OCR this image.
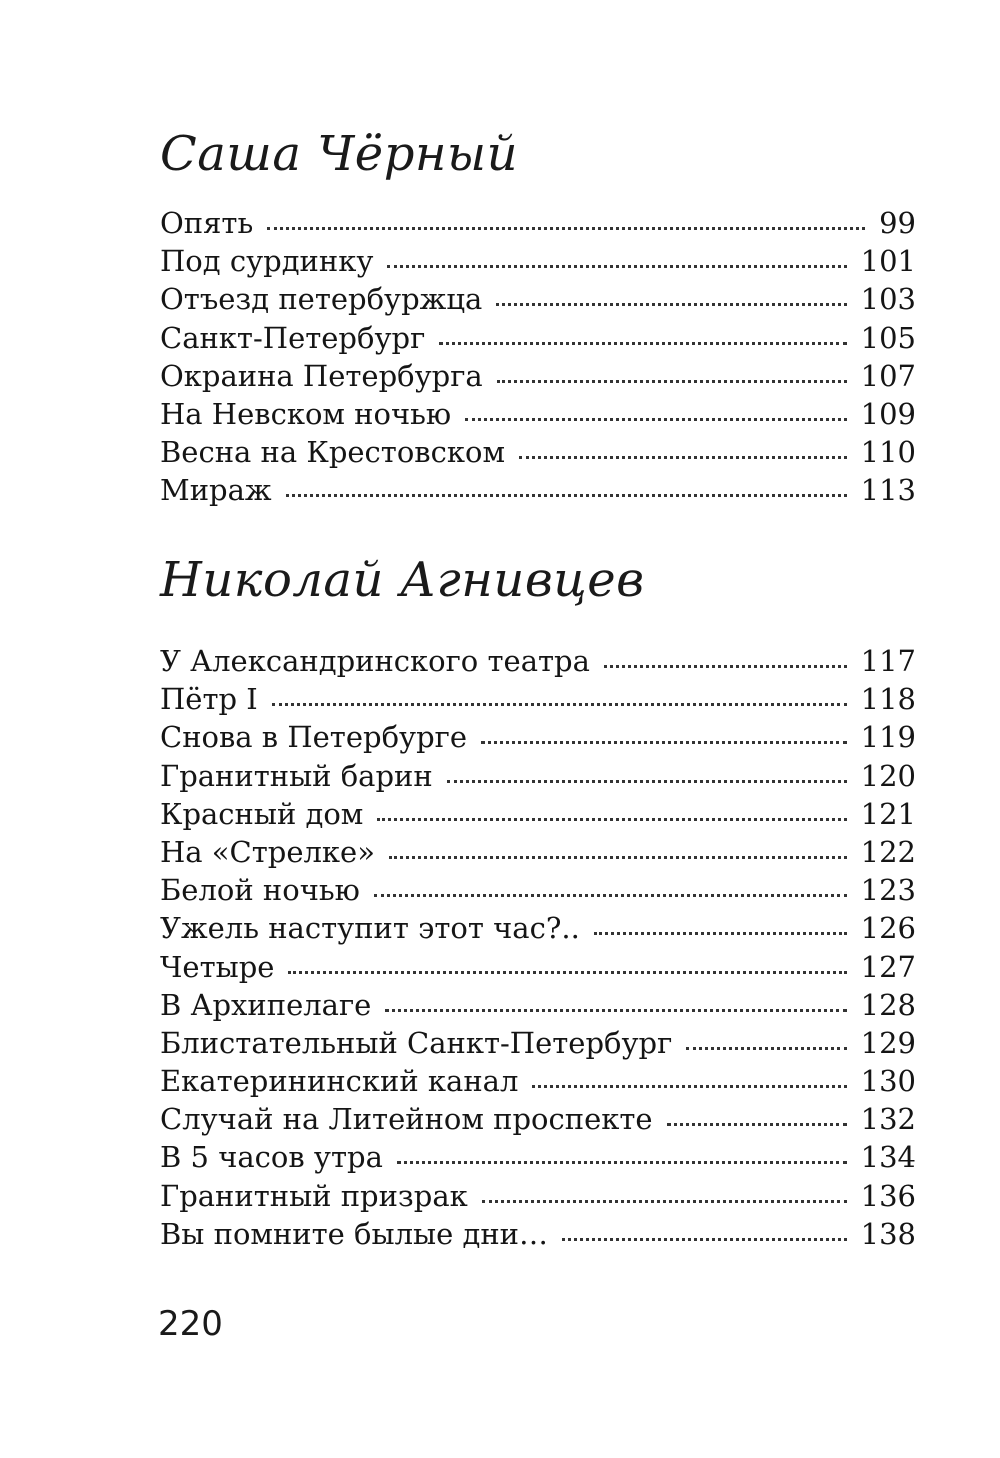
Саша Чёрный
Опять	99
Под сурдинку	101
Отъезд петербуржца	103
Санкт-Петербург	105
Окраина Петербурга	107
На Невском ночью	109
Весна на Крестовском	110
Мираж	113
Николай Агнивцев
У Александринского театра	117
Пётр I	118
Снова в Петербурге	119
Гранитный барин	120
Красный дом	121
На «Стрелке»	122
Белой ночью	123
Ужель наступит этот час?..	126
Четыре	127
В Архипелаге	128
Блистательный Санкт-Петербург	129
Екатерининский канал	130
Случай на Литейном проспекте	132
В 5 часов утра	134
Гранитный призрак	136
Вы помните былые дни…	138
220
